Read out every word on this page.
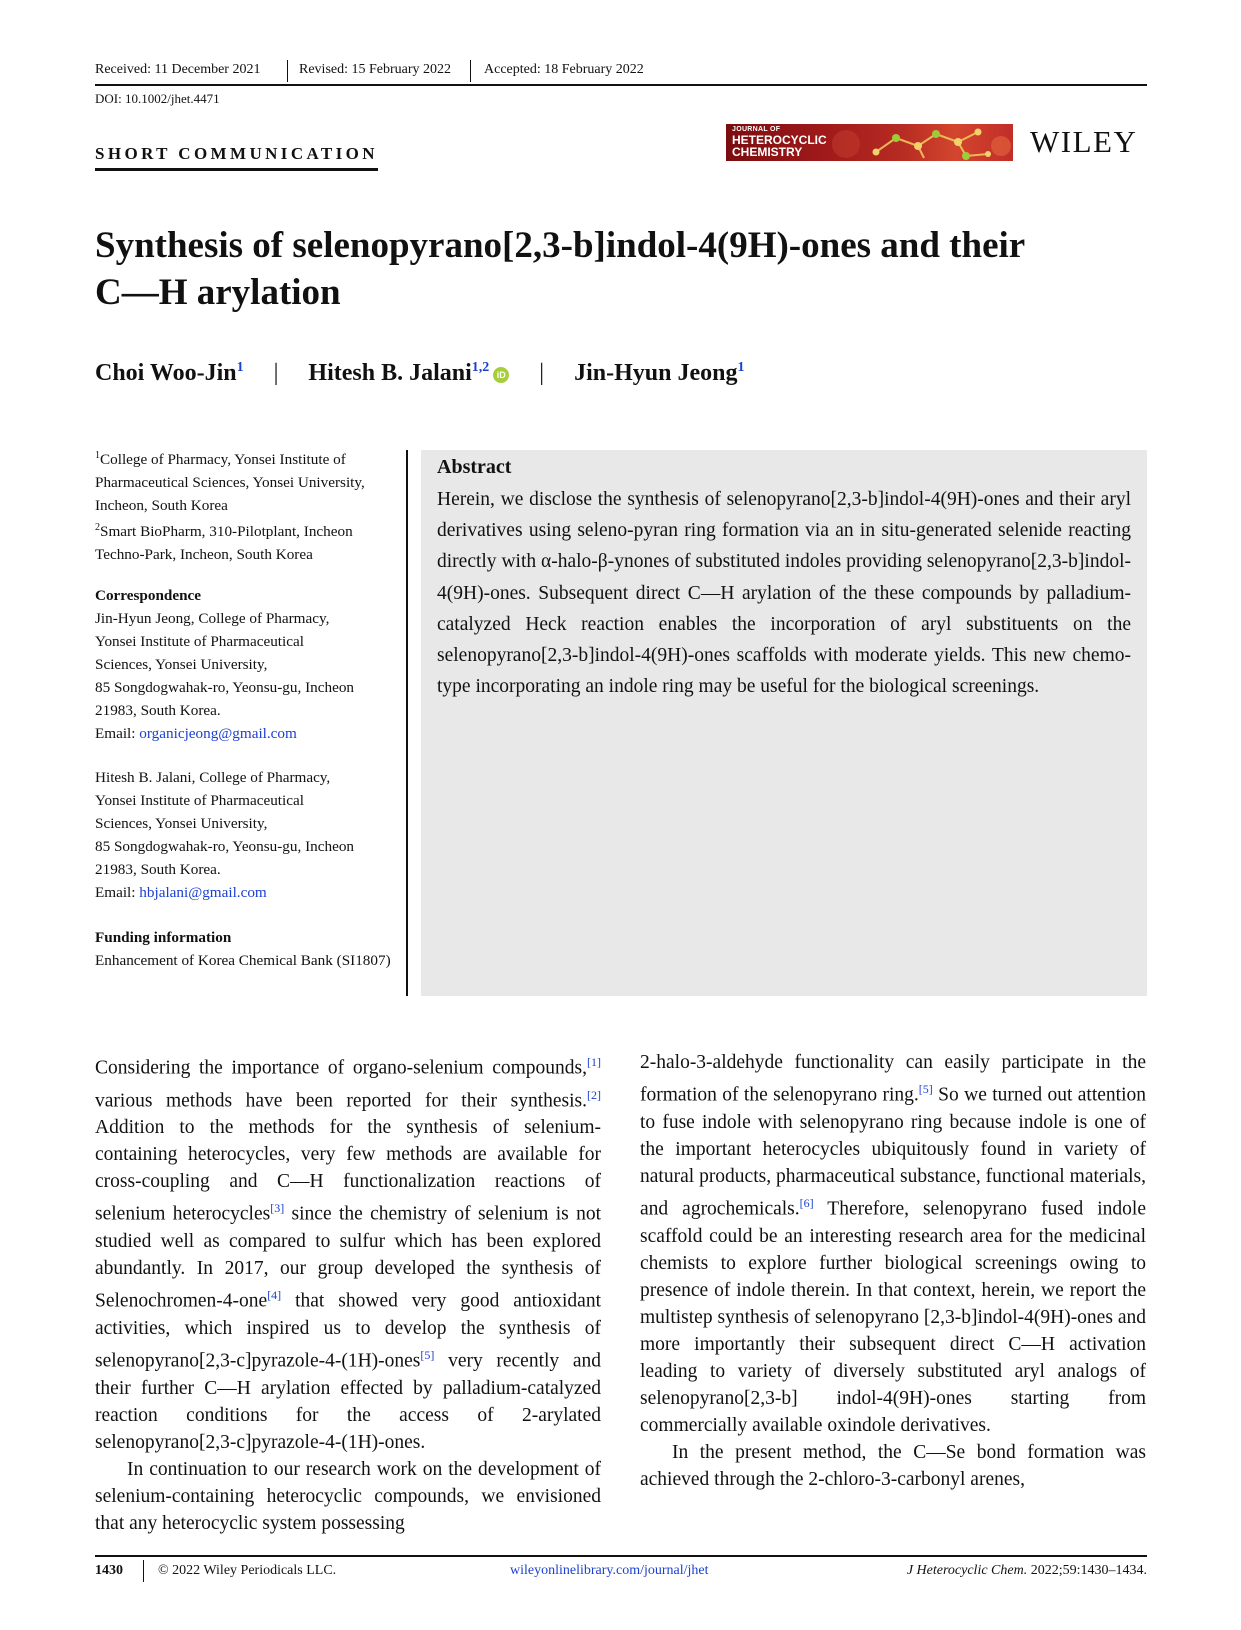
Received: 11 December 2021	Revised: 15 February 2022 Accepted: 18 February 2022
DOI: 10.1002/jhet.4471
SHORT COMMUNICATION
JOURNAL OF
HETEROCYCLIC
CHEMISTRY	WILEY
Synthesis of selenopyrano[2,3-b]indol-4(9H)-ones and their
C—H arylation
Choi Woo-Jin$^1$ | Hitesh B. Jalani$^{1,2}$ iD | Jin-Hyun Jeong$^1$
$^1$College of Pharmacy, Yonsei Institute of Pharmaceutical Sciences, Yonsei University, Incheon, South Korea
$^2$Smart BioPharm, 310-Pilotplant, Incheon Techno-Park, Incheon, South Korea
Correspondence
Jin-Hyun Jeong, College of Pharmacy,
Yonsei Institute of Pharmaceutical
Sciences, Yonsei University,
85 Songdogwahak-ro, Yeonsu-gu, Incheon
21983, South Korea.
Email: organicjeong@gmail.com
Hitesh B. Jalani, College of Pharmacy,
Yonsei Institute of Pharmaceutical
Sciences, Yonsei University,
85 Songdogwahak-ro, Yeonsu-gu, Incheon
21983, South Korea.
Email: hbjalani@gmail.com
Funding information
Enhancement of Korea Chemical Bank (SI1807)
Abstract
Herein, we disclose the synthesis of selenopyrano[2,3-b]indol-4(9H)-ones and their aryl derivatives using seleno-pyran ring formation via an in situ-generated selenide reacting directly with α-halo-β-ynones of substituted indoles providing selenopyrano[2,3-b]indol-4(9H)-ones. Subsequent direct C—H arylation of the these compounds by palladium-catalyzed Heck reaction enables the incorporation of aryl substituents on the selenopyrano[2,3-b]indol-4(9H)-ones scaffolds with moderate yields. This new chemo-type incorporating an indole ring may be useful for the biological screenings.

Considering the importance of organo-selenium compounds,[1] various methods have been reported for their synthesis.[2] Addition to the methods for the synthesis of selenium-containing heterocycles, very few methods are available for cross-coupling and C—H functionalization reactions of selenium heterocycles[3] since the chemistry of selenium is not studied well as compared to sulfur which has been explored abundantly. In 2017, our group developed the synthesis of Selenochromen-4-one[4] that showed very good antioxidant activities, which inspired us to develop the synthesis of selenopyrano[2,3-c]pyrazole-4-(1H)-ones[5] very recently and their further C—H arylation effected by palladium-catalyzed reaction conditions for the access of 2-arylated selenopyrano[2,3-c]pyrazole-4-(1H)-ones.

In continuation to our research work on the development of selenium-containing heterocyclic compounds, we envisioned that any heterocyclic system possessing

2-halo-3-aldehyde functionality can easily participate in the formation of the selenopyrano ring.[5] So we turned out attention to fuse indole with selenopyrano ring because indole is one of the important heterocycles ubiquitously found in variety of natural products, pharmaceutical substance, functional materials, and agrochemicals.[6] Therefore, selenopyrano fused indole scaffold could be an interesting research area for the medicinal chemists to explore further biological screenings owing to presence of indole therein. In that context, herein, we report the multistep synthesis of selenopyrano [2,3-b]indol-4(9H)-ones and more importantly their subsequent direct C—H activation leading to variety of diversely substituted aryl analogs of selenopyrano[2,3-b] indol-4(9H)-ones starting from commercially available oxindole derivatives.

In the present method, the C—Se bond formation was achieved through the 2-chloro-3-carbonyl arenes,

1430	© 2022 Wiley Periodicals LLC.	wileyonlinelibrary.com/journal/jhet	J Heterocyclic Chem. 2022;59:1430–1434.
